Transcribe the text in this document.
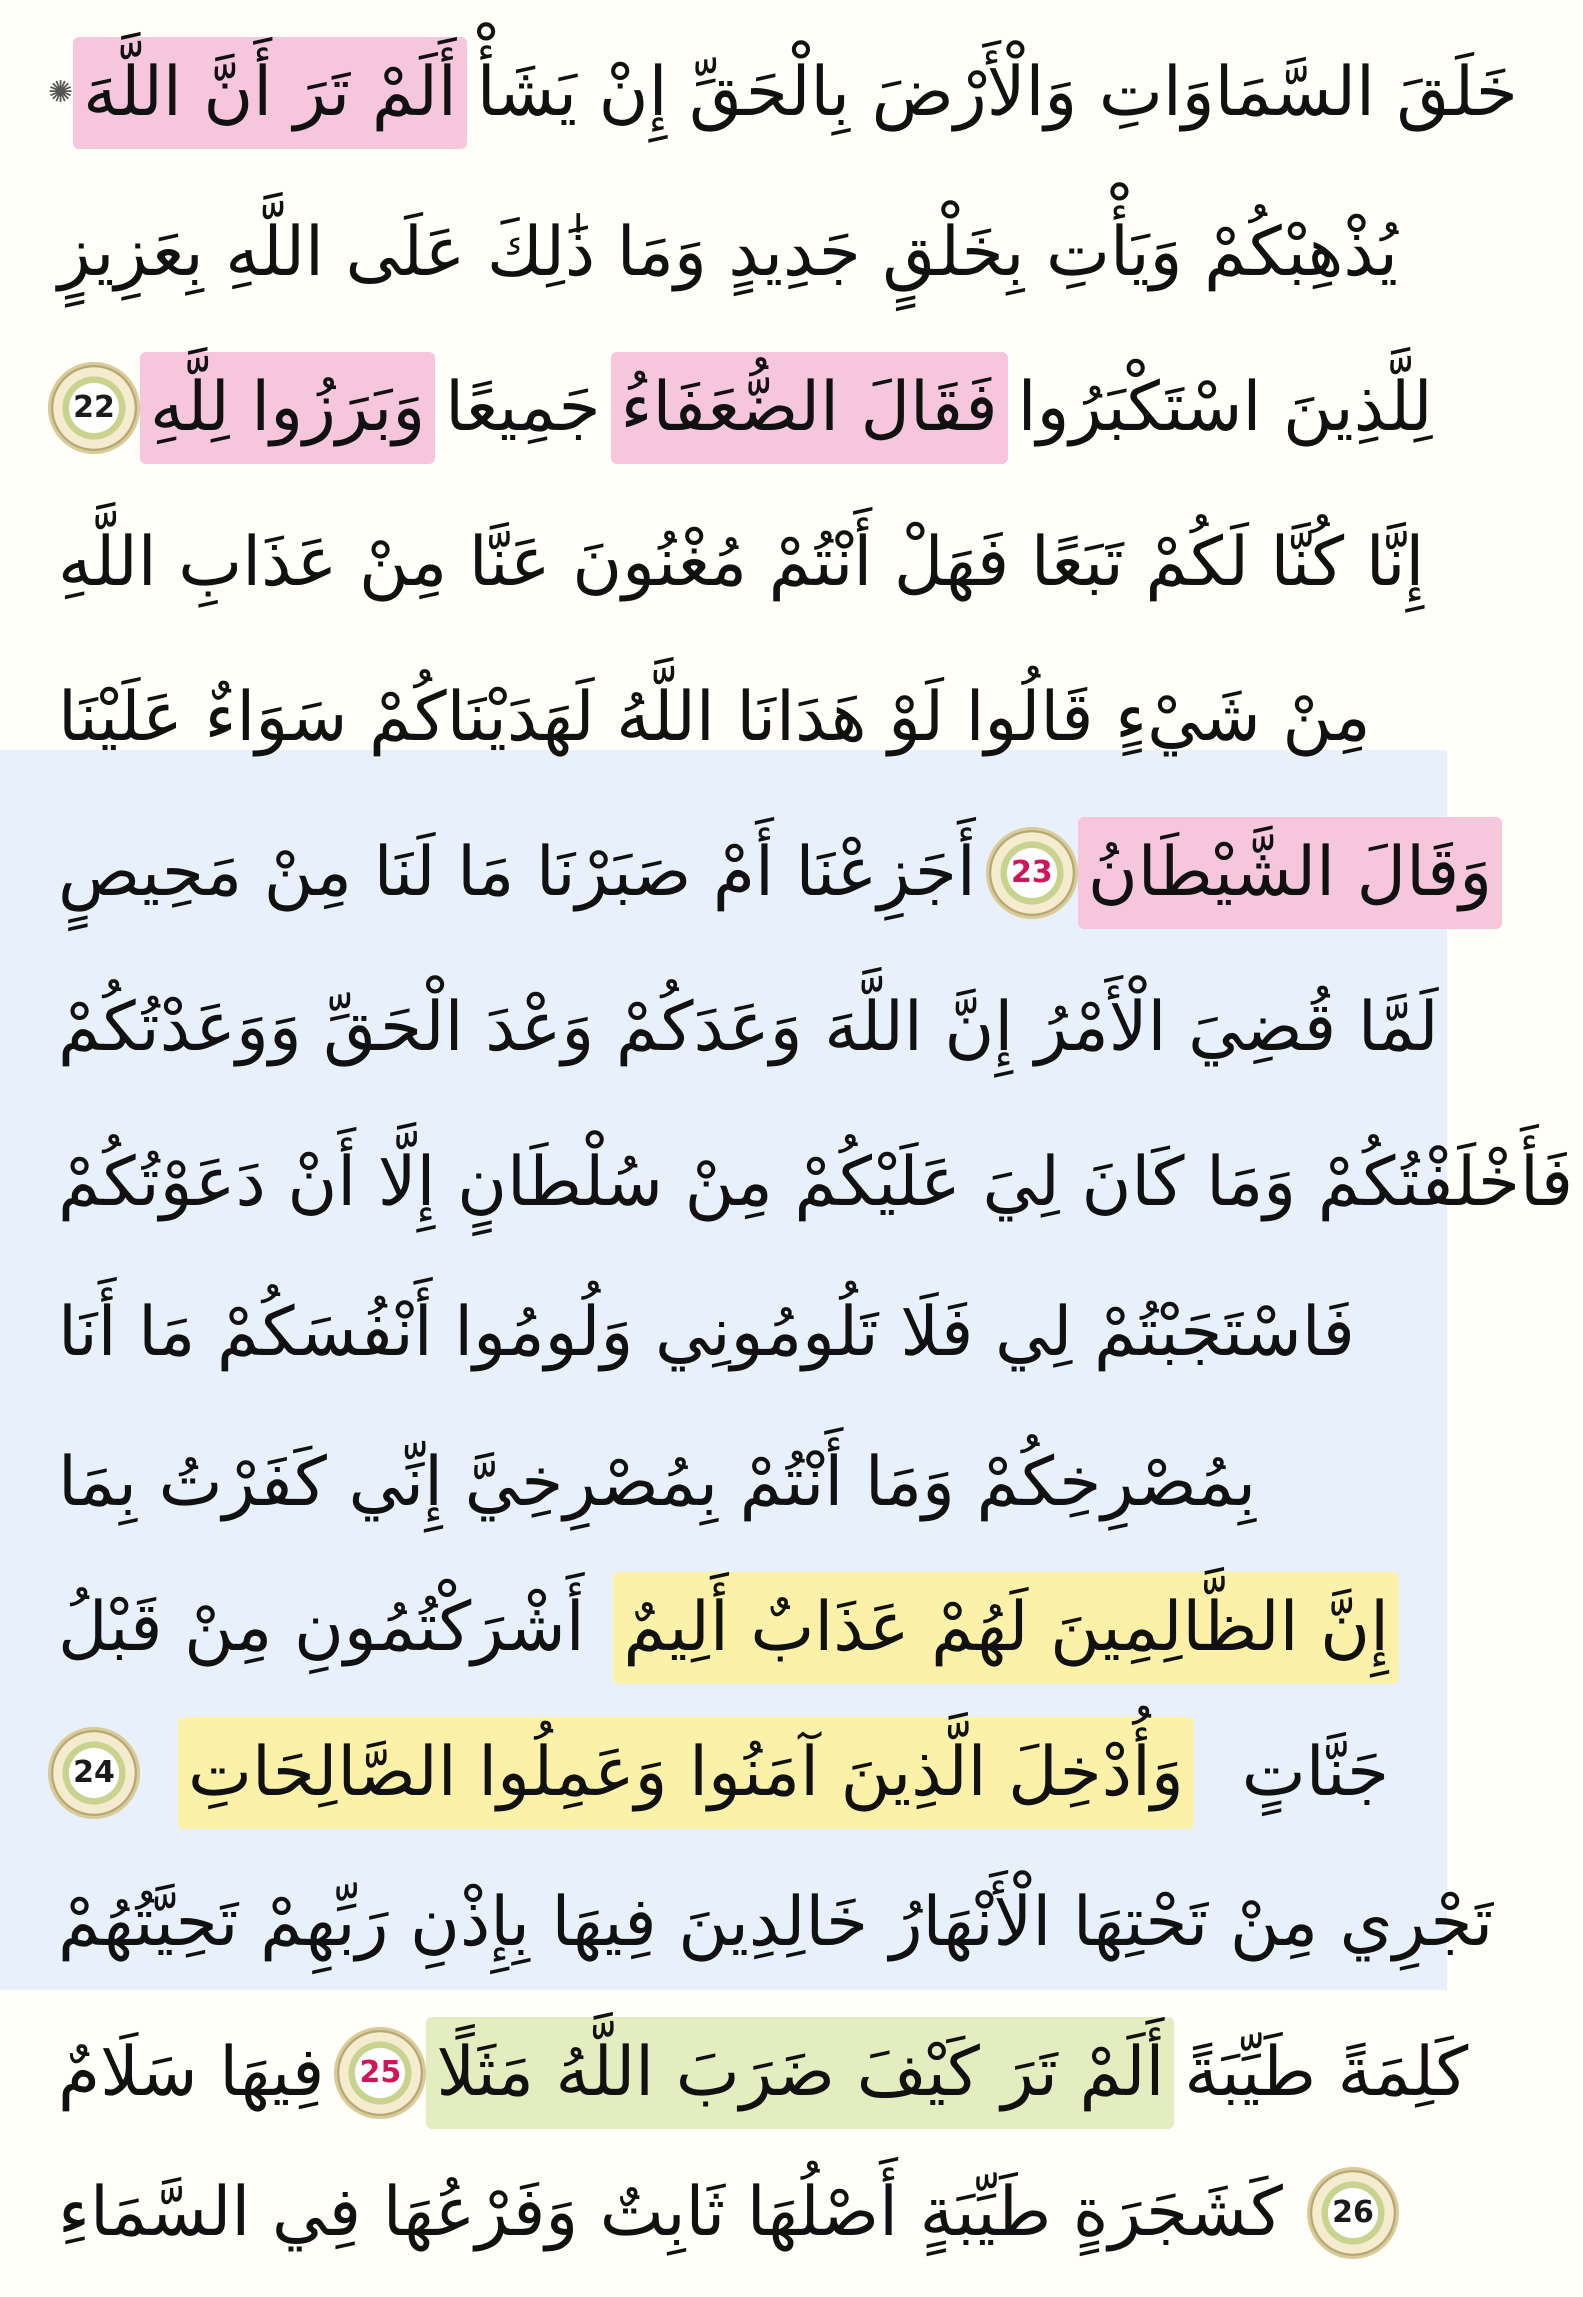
✺ أَلَمْ تَرَ أَنَّ اللَّهَ خَلَقَ السَّمَاوَاتِ وَالْأَرْضَ بِالْحَقِّ إِنْ يَشَأْ
يُذْهِبْكُمْ وَيَأْتِ بِخَلْقٍ جَدِيدٍ وَمَا ذَٰلِكَ عَلَى اللَّهِ بِعَزِيزٍ
22 وَبَرَزُوا لِلَّهِ جَمِيعًا فَقَالَ الضُّعَفَاءُ لِلَّذِينَ اسْتَكْبَرُوا
إِنَّا كُنَّا لَكُمْ تَبَعًا فَهَلْ أَنْتُمْ مُغْنُونَ عَنَّا مِنْ عَذَابِ اللَّهِ
مِنْ شَيْءٍ قَالُوا لَوْ هَدَانَا اللَّهُ لَهَدَيْنَاكُمْ سَوَاءٌ عَلَيْنَا
أَجَزِعْنَا أَمْ صَبَرْنَا مَا لَنَا مِنْ مَحِيصٍ	23 وَقَالَ الشَّيْطَانُ
لَمَّا قُضِيَ الْأَمْرُ إِنَّ اللَّهَ وَعَدَكُمْ وَعْدَ الْحَقِّ وَوَعَدْتُكُمْ
فَأَخْلَفْتُكُمْ وَمَا كَانَ لِيَ عَلَيْكُمْ مِنْ سُلْطَانٍ إِلَّا أَنْ دَعَوْتُكُمْ
فَاسْتَجَبْتُمْ لِي فَلَا تَلُومُونِي وَلُومُوا أَنْفُسَكُمْ مَا أَنَا
بِمُصْرِخِكُمْ وَمَا أَنْتُمْ بِمُصْرِخِيَّ إِنِّي كَفَرْتُ بِمَا
أَشْرَكْتُمُونِ مِنْ قَبْلُ إِنَّ الظَّالِمِينَ لَهُمْ عَذَابٌ أَلِيمٌ
24 وَأُدْخِلَ الَّذِينَ آمَنُوا وَعَمِلُوا الصَّالِحَاتِ جَنَّاتٍ
تَجْرِي مِنْ تَحْتِهَا الْأَنْهَارُ خَالِدِينَ فِيهَا بِإِذْنِ رَبِّهِمْ تَحِيَّتُهُمْ
فِيهَا سَلَامٌ	25 أَلَمْ تَرَ كَيْفَ ضَرَبَ اللَّهُ مَثَلًا كَلِمَةً طَيِّبَةً
كَشَجَرَةٍ طَيِّبَةٍ أَصْلُهَا ثَابِتٌ وَفَرْعُهَا فِي السَّمَاءِ	26
